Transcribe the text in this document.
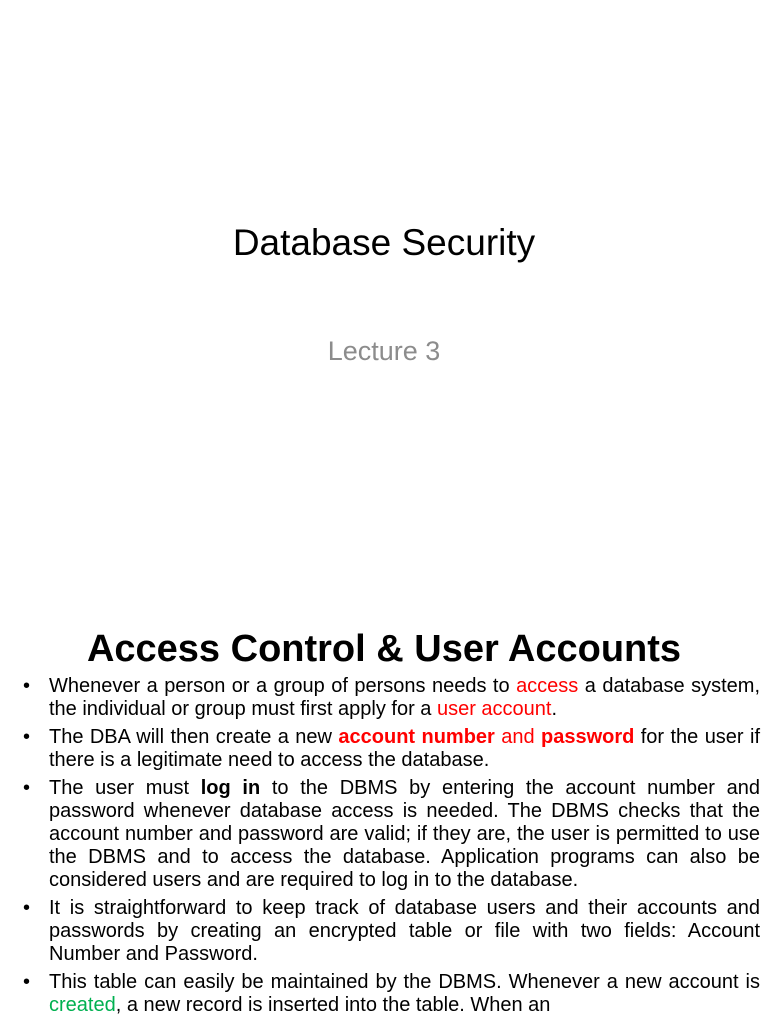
Database Security
Lecture 3
Access Control & User Accounts
• Whenever a person or a group of persons needs to access a database system, the individual or group must first apply for a user account.
• The DBA will then create a new account number and password for the user if there is a legitimate need to access the database.
• The user must log in to the DBMS by entering the account number and password whenever database access is needed. The DBMS checks that the account number and password are valid; if they are, the user is permitted to use the DBMS and to access the database. Application programs can also be considered users and are required to log in to the database.
• It is straightforward to keep track of database users and their accounts and passwords by creating an encrypted table or file with two fields: Account Number and Password.
• This table can easily be maintained by the DBMS. Whenever a new account is created, a new record is inserted into the table. When an
